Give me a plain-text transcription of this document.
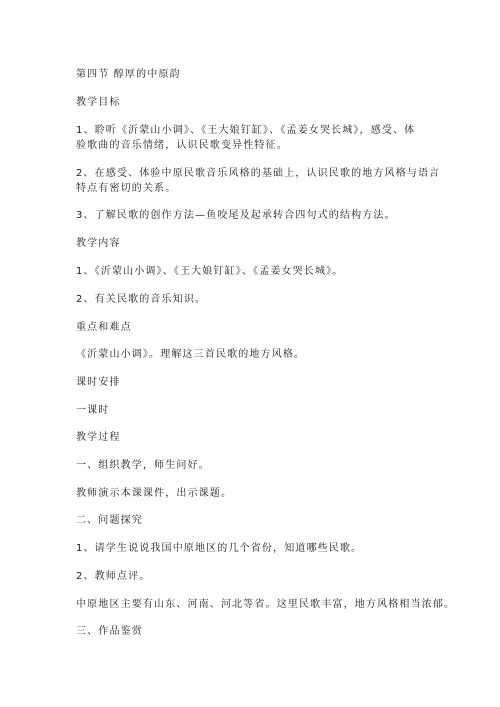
第四节 醇厚的中原韵
教学目标
1、聆听《沂蒙山小调》、《王大娘钉缸》、《孟姜女哭长城》，感受、体
验歌曲的音乐情绪，认识民歌变异性特征。
2、在感受、体验中原民歌音乐风格的基础上，认识民歌的地方风格与语言
特点有密切的关系。
3、了解民歌的创作方法—鱼咬尾及起承转合四句式的结构方法。
教学内容
1、《沂蒙山小调》、《王大娘钉缸》、《孟姜女哭长城》。
2、有关民歌的音乐知识。
重点和难点
《沂蒙山小调》。理解这三首民歌的地方风格。
课时安排
一课时
教学过程
一、组织教学，师生问好。
教师演示本课课件，出示课题。
二、问题探究
1、请学生说说我国中原地区的几个省份，知道哪些民歌。
2、教师点评。
中原地区主要有山东、河南、河北等省。这里民歌丰富，地方风格相当浓郁。
三、作品鉴赏
